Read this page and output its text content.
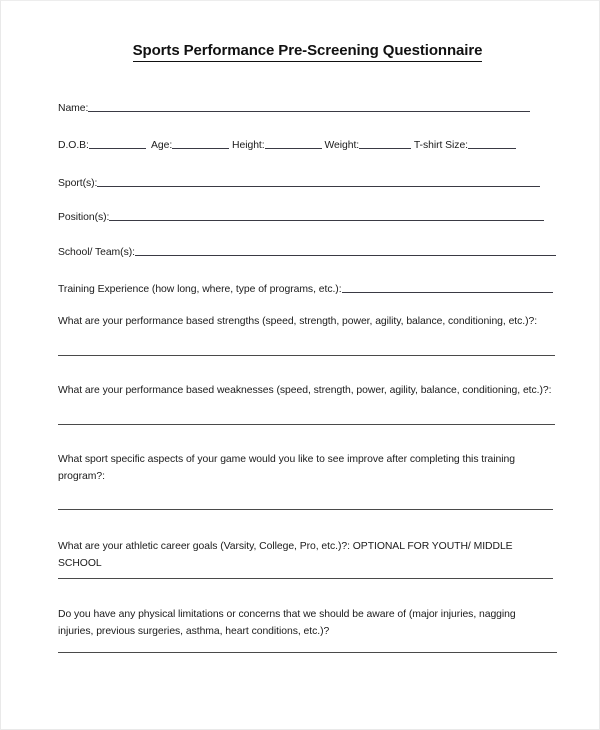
Sports Performance Pre-Screening Questionnaire
Name:
D.O.B:	Age:	Height:	Weight:	T-shirt Size:
Sport(s):
Position(s):
School/ Team(s):
Training Experience (how long, where, type of programs, etc.):
What are your performance based strengths (speed, strength, power, agility, balance, conditioning, etc.)?:
What are your performance based weaknesses (speed, strength, power, agility, balance, conditioning, etc.)?:
What sport specific aspects of your game would you like to see improve after completing this training program?:
What are your athletic career goals (Varsity, College, Pro, etc.)?: OPTIONAL FOR YOUTH/ MIDDLE SCHOOL
Do you have any physical limitations or concerns that we should be aware of (major injuries, nagging injuries, previous surgeries, asthma, heart conditions, etc.)?
